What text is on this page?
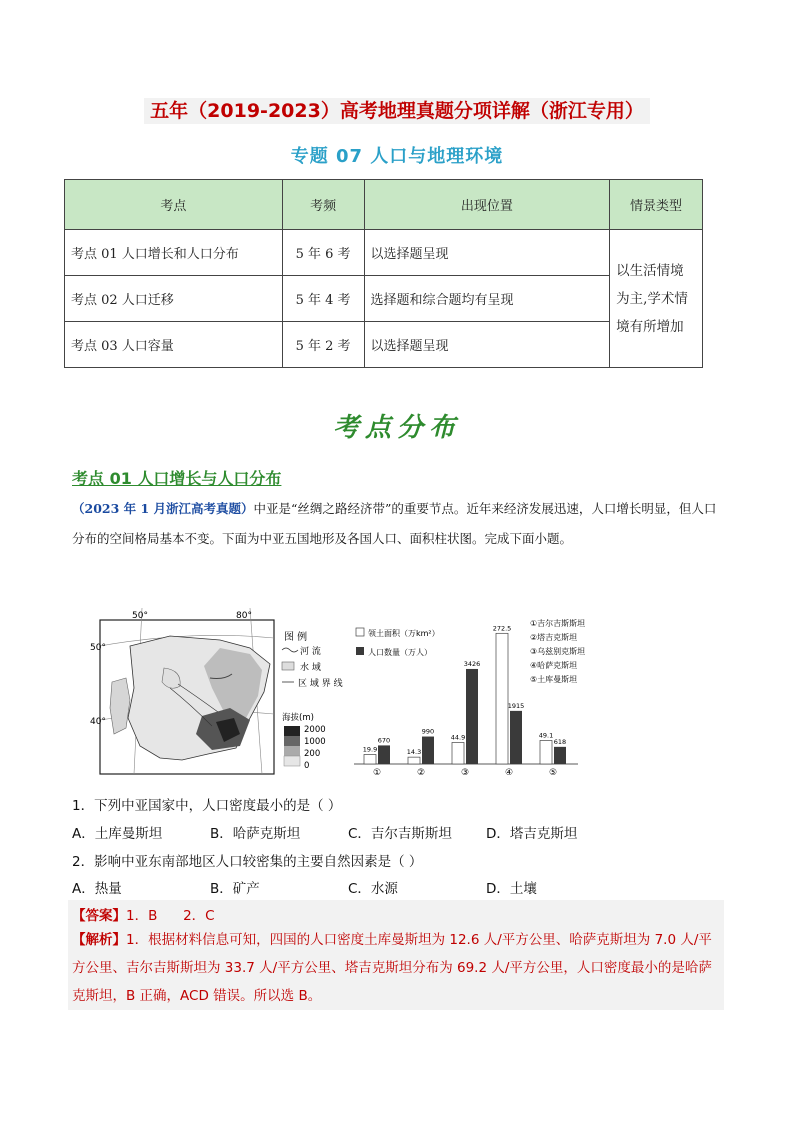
五年（2019-2023）高考地理真题分项详解（浙江专用）
专题 07 人口与地理环境
考点	考频	出现位置	情景类型
考点 01 人口增长和人口分布	5 年 6 考	以选择题呈现	以生活情境为主,学术情境有所增加
考点 02 人口迁移	5 年 4 考	选择题和综合题均有呈现	
考点 03 人口容量	5 年 2 考	以选择题呈现	
考点分布
考点 01 人口增长与人口分布
（2023 年 1 月浙江高考真题）中亚是“丝绸之路经济带”的重要节点。近年来经济发展迅速，人口增长明显，但人口分布的空间格局基本不变。下面为中亚五国地形及各国人口、面积柱状图。完成下面小题。
50°	80°
50°
40°
图 例
河 流
水 域
区 域 界 线
海拔(m)
2000
1000
200
0
领土面积（万km²）
人口数量（万人）
①吉尔吉斯斯坦
②塔吉克斯坦
③乌兹别克斯坦
④哈萨克斯坦
⑤土库曼斯坦
19.9
670
①
14.3
990
②
44.9
3426
③
272.5
1915
④
49.1
618
⑤
1．下列中亚国家中，人口密度最小的是（ ）
A．土库曼斯坦	B．哈萨克斯坦	C．吉尔吉斯斯坦	D．塔吉克斯坦
2．影响中亚东南部地区人口较密集的主要自然因素是（ ）
A．热量	B．矿产	C．水源	D．土壤
【答案】1．B      2．C
【解析】1．根据材料信息可知，四国的人口密度土库曼斯坦为 12.6 人/平方公里、哈萨克斯坦为 7.0 人/平方公里、吉尔吉斯斯坦为 33.7 人/平方公里、塔吉克斯坦分布为 69.2 人/平方公里，人口密度最小的是哈萨克斯坦，B 正确，ACD 错误。所以选 B。
